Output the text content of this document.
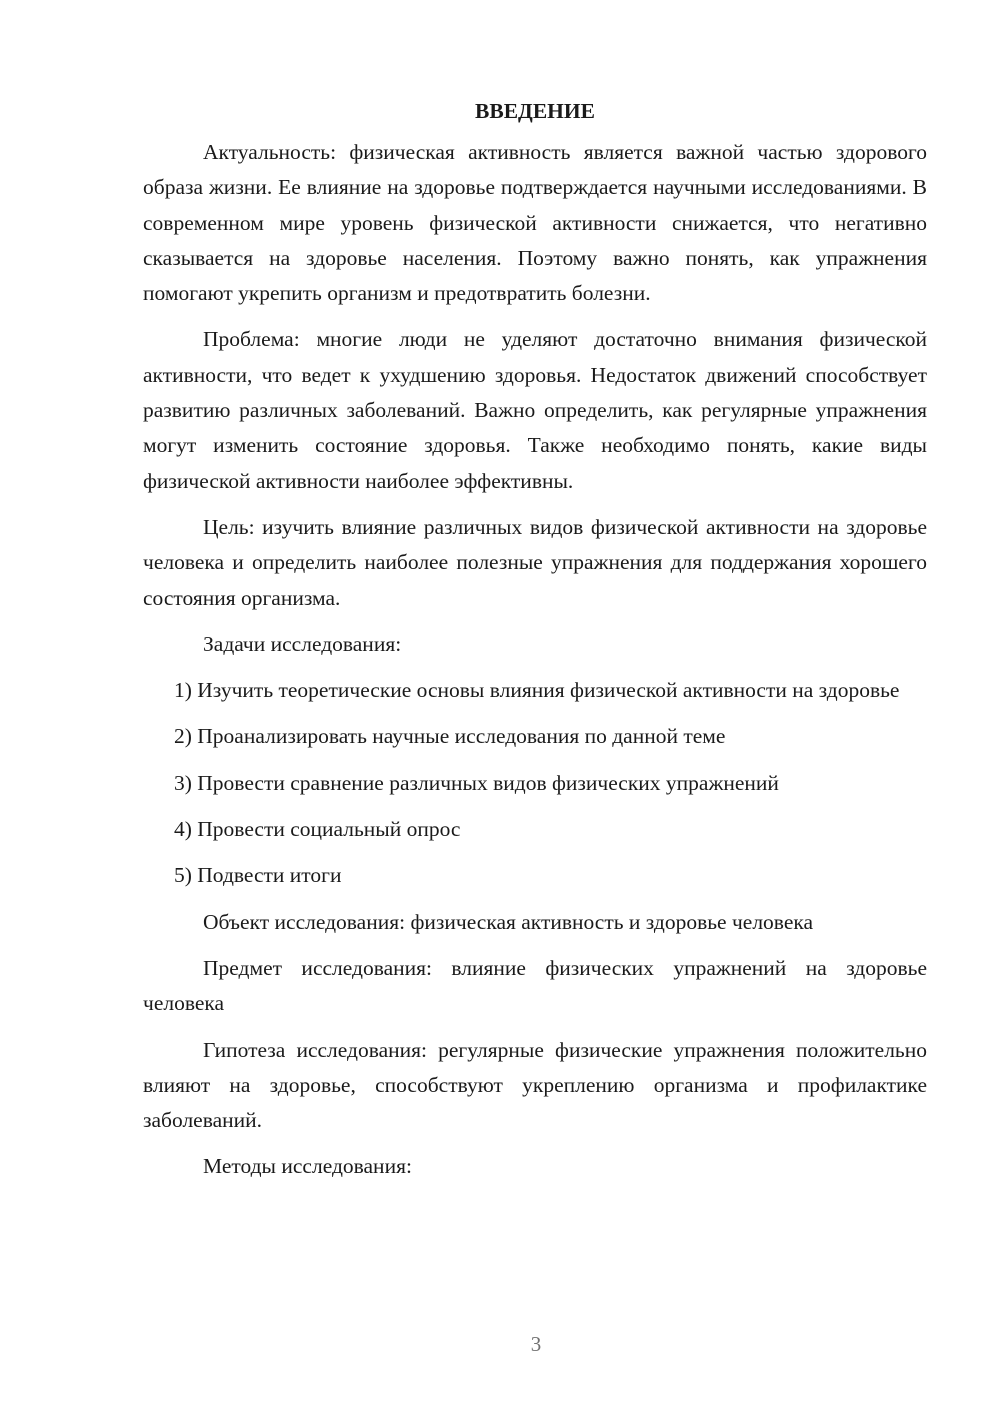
ВВЕДЕНИЕ

Актуальность: физическая активность является важной частью здорового образа жизни. Ее влияние на здоровье подтверждается научными исследованиями. В современном мире уровень физической активности снижается, что негативно сказывается на здоровье населения. Поэтому важно понять, как упражнения помогают укрепить организм и предотвратить болезни.

Проблема: многие люди не уделяют достаточно внимания физической активности, что ведет к ухудшению здоровья. Недостаток движений способствует развитию различных заболеваний. Важно определить, как регулярные упражнения могут изменить состояние здоровья. Также необходимо понять, какие виды физической активности наиболее эффективны.

Цель: изучить влияние различных видов физической активности на здоровье человека и определить наиболее полезные упражнения для поддержания хорошего состояния организма.

Задачи исследования:

1) Изучить теоретические основы влияния физической активности на здоровье

2) Проанализировать научные исследования по данной теме

3) Провести сравнение различных видов физических упражнений

4) Провести социальный опрос

5) Подвести итоги

Объект исследования: физическая активность и здоровье человека

Предмет исследования: влияние физических упражнений на здоровье человека

Гипотеза исследования: регулярные физические упражнения положительно влияют на здоровье, способствуют укреплению организма и профилактике заболеваний.

Методы исследования:

3
